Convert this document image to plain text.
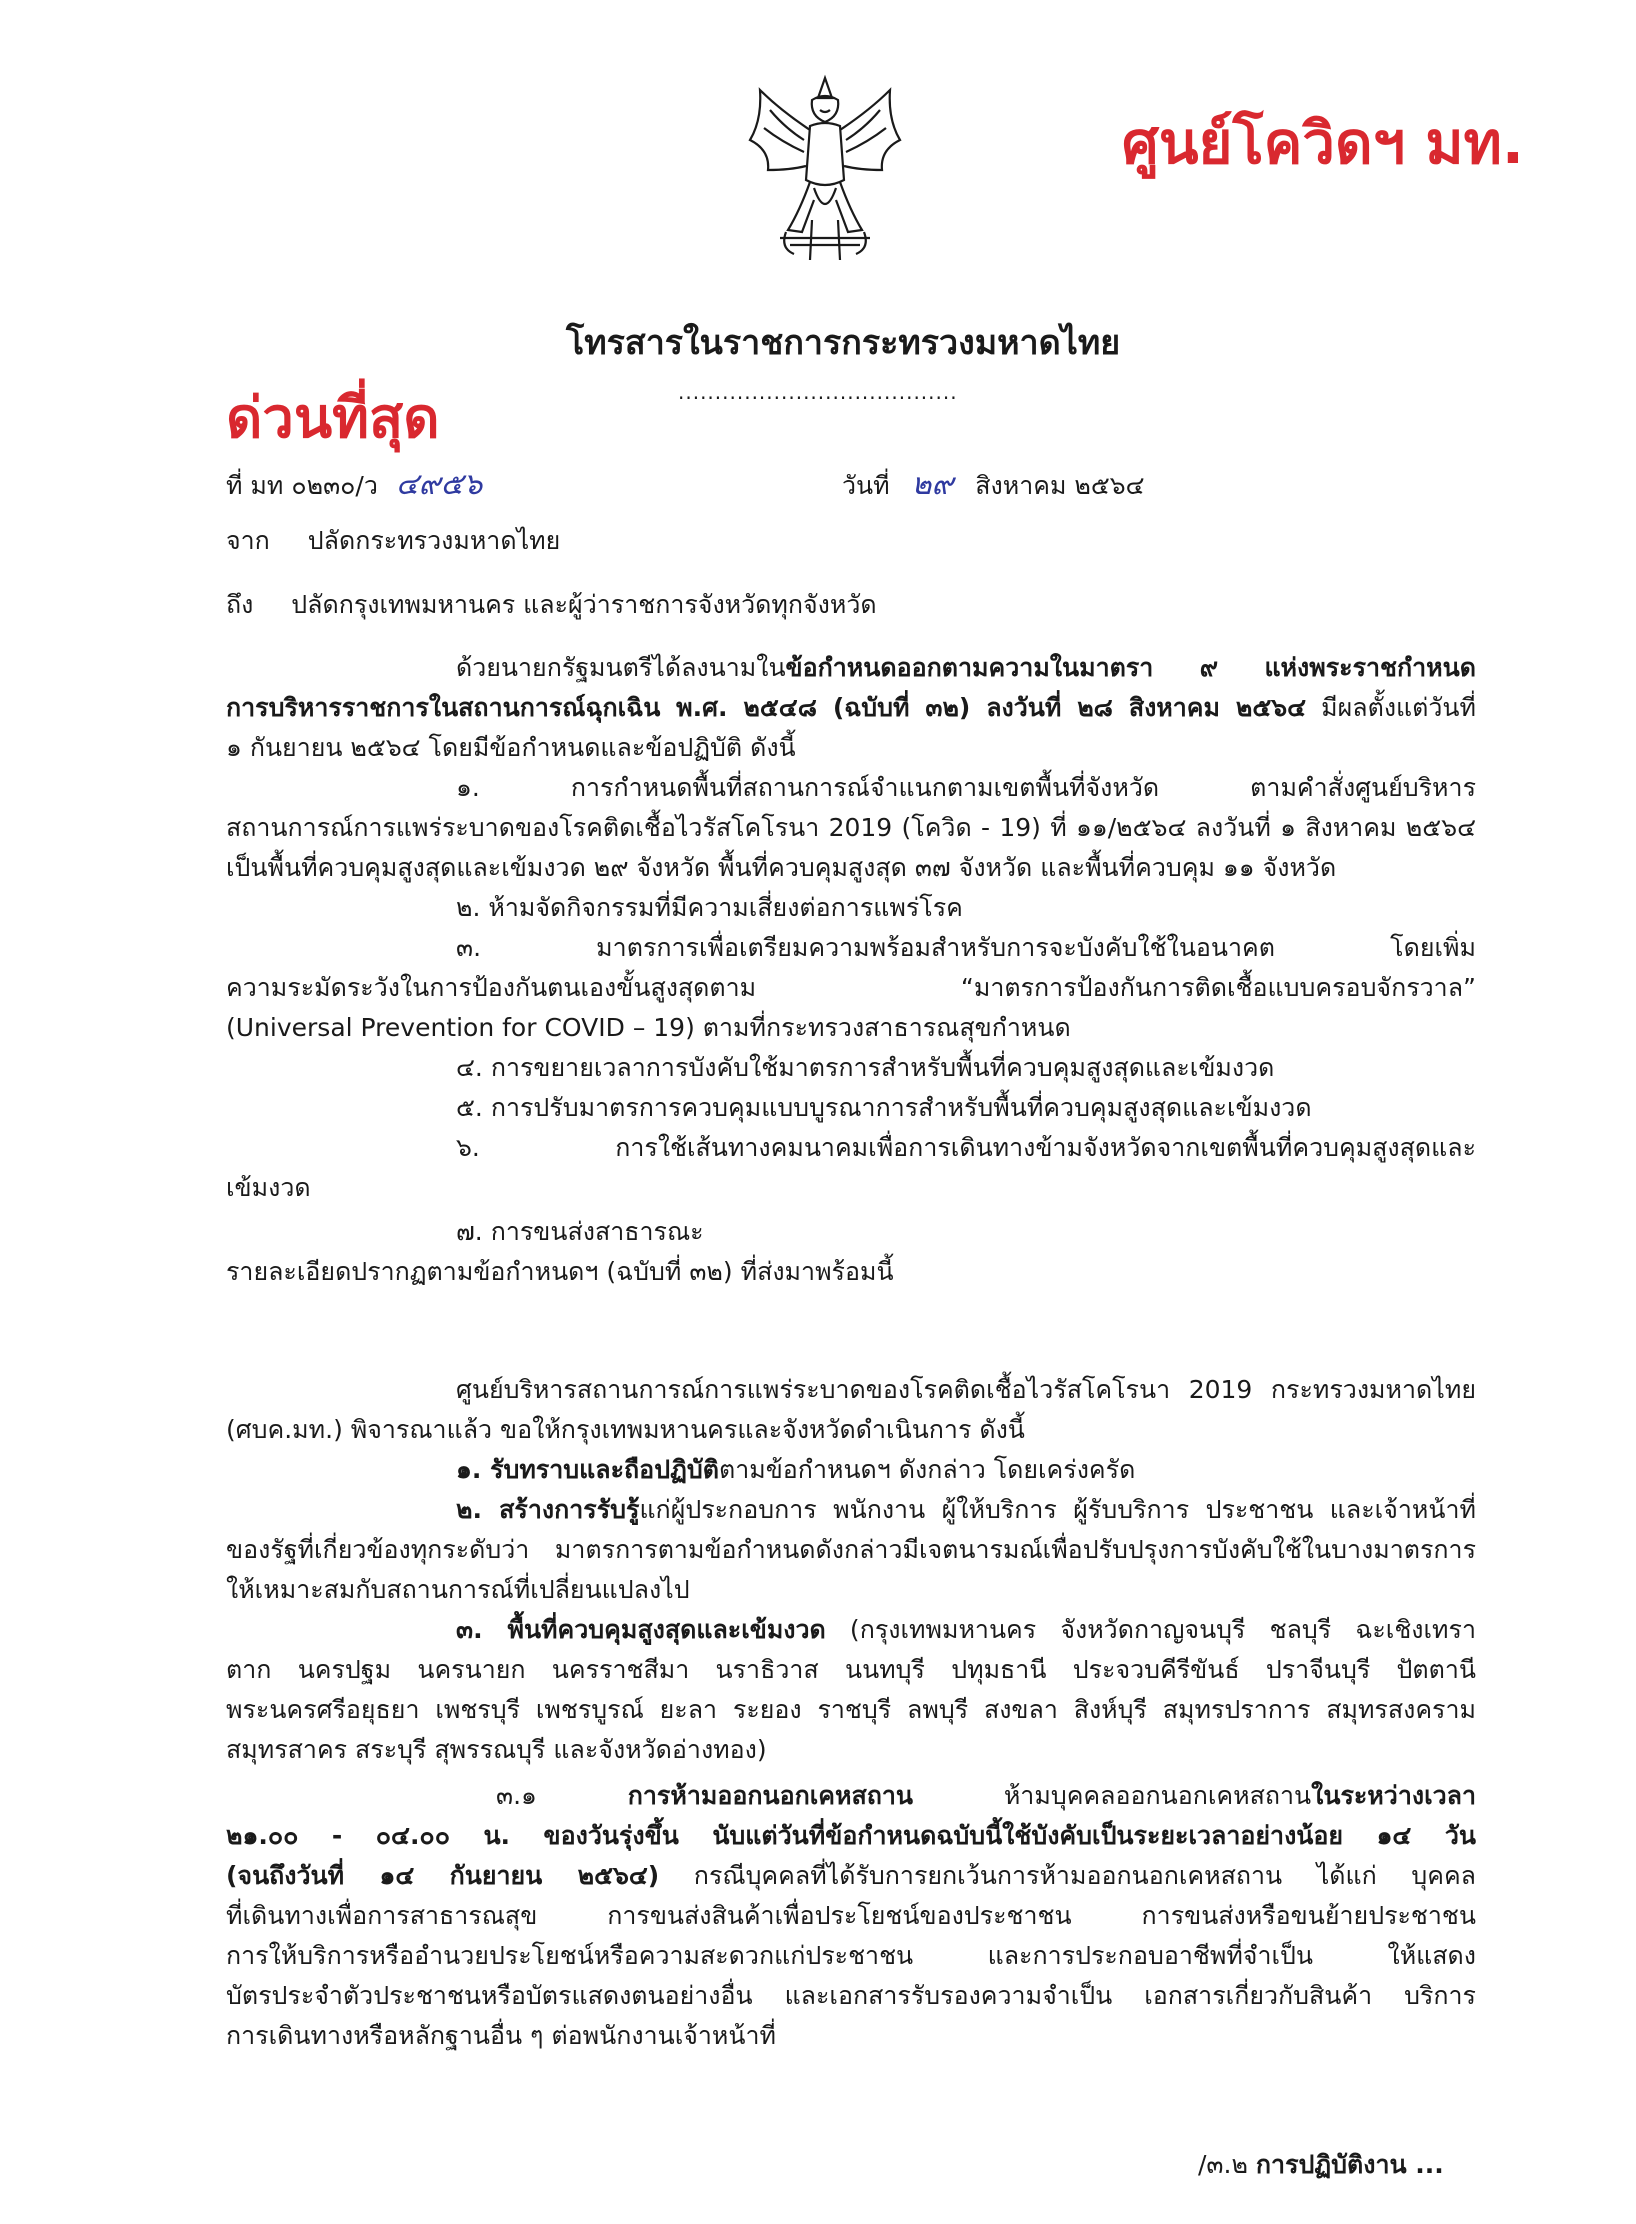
ศูนย์โควิดฯ มท.
โทรสารในราชการกระทรวงมหาดไทย
......................................
ด่วนที่สุด
ที่ มท ๐๒๓๐/ว ๔๙๕๖	วันที่ ๒๙ สิงหาคม ๒๕๖๔
จาก ปลัดกระทรวงมหาดไทย
ถึง ปลัดกรุงเทพมหานคร และผู้ว่าราชการจังหวัดทุกจังหวัด

ด้วยนายกรัฐมนตรีได้ลงนามในข้อกำหนดออกตามความในมาตรา ๙ แห่งพระราชกำหนด

การบริหารราชการในสถานการณ์ฉุกเฉิน พ.ศ. ๒๕๔๘ (ฉบับที่ ๓๒) ลงวันที่ ๒๘ สิงหาคม ๒๕๖๔ มีผลตั้งแต่วันที่

๑ กันยายน ๒๕๖๔ โดยมีข้อกำหนดและข้อปฏิบัติ ดังนี้

๑. การกำหนดพื้นที่สถานการณ์จำแนกตามเขตพื้นที่จังหวัด ตามคำสั่งศูนย์บริหาร

สถานการณ์การแพร่ระบาดของโรคติดเชื้อไวรัสโคโรนา 2019 (โควิด - 19) ที่ ๑๑/๒๕๖๔ ลงวันที่ ๑ สิงหาคม ๒๕๖๔

เป็นพื้นที่ควบคุมสูงสุดและเข้มงวด ๒๙ จังหวัด พื้นที่ควบคุมสูงสุด ๓๗ จังหวัด และพื้นที่ควบคุม ๑๑ จังหวัด

๒. ห้ามจัดกิจกรรมที่มีความเสี่ยงต่อการแพร่โรค

๓. มาตรการเพื่อเตรียมความพร้อมสำหรับการจะบังคับใช้ในอนาคต โดยเพิ่ม

ความระมัดระวังในการป้องกันตนเองขั้นสูงสุดตาม “มาตรการป้องกันการติดเชื้อแบบครอบจักรวาล”

(Universal Prevention for COVID – 19) ตามที่กระทรวงสาธารณสุขกำหนด

๔. การขยายเวลาการบังคับใช้มาตรการสำหรับพื้นที่ควบคุมสูงสุดและเข้มงวด

๕. การปรับมาตรการควบคุมแบบบูรณาการสำหรับพื้นที่ควบคุมสูงสุดและเข้มงวด

๖. การใช้เส้นทางคมนาคมเพื่อการเดินทางข้ามจังหวัดจากเขตพื้นที่ควบคุมสูงสุดและ

เข้มงวด

๗. การขนส่งสาธารณะ

รายละเอียดปรากฏตามข้อกำหนดฯ (ฉบับที่ ๓๒) ที่ส่งมาพร้อมนี้

ศูนย์บริหารสถานการณ์การแพร่ระบาดของโรคติดเชื้อไวรัสโคโรนา 2019 กระทรวงมหาดไทย

(ศบค.มท.) พิจารณาแล้ว ขอให้กรุงเทพมหานครและจังหวัดดำเนินการ ดังนี้

๑. รับทราบและถือปฏิบัติตามข้อกำหนดฯ ดังกล่าว โดยเคร่งครัด

๒. สร้างการรับรู้แก่ผู้ประกอบการ พนักงาน ผู้ให้บริการ ผู้รับบริการ ประชาชน และเจ้าหน้าที่

ของรัฐที่เกี่ยวข้องทุกระดับว่า มาตรการตามข้อกำหนดดังกล่าวมีเจตนารมณ์เพื่อปรับปรุงการบังคับใช้ในบางมาตรการ

ให้เหมาะสมกับสถานการณ์ที่เปลี่ยนแปลงไป

๓. พื้นที่ควบคุมสูงสุดและเข้มงวด (กรุงเทพมหานคร จังหวัดกาญจนบุรี ชลบุรี ฉะเชิงเทรา

ตาก นครปฐม นครนายก นครราชสีมา นราธิวาส นนทบุรี ปทุมธานี ประจวบคีรีขันธ์ ปราจีนบุรี ปัตตานี

พระนครศรีอยุธยา เพชรบุรี เพชรบูรณ์ ยะลา ระยอง ราชบุรี ลพบุรี สงขลา สิงห์บุรี สมุทรปราการ สมุทรสงคราม

สมุทรสาคร สระบุรี สุพรรณบุรี และจังหวัดอ่างทอง)

๓.๑ การห้ามออกนอกเคหสถาน ห้ามบุคคลออกนอกเคหสถานในระหว่างเวลา

๒๑.๐๐ - ๐๔.๐๐ น. ของวันรุ่งขึ้น นับแต่วันที่ข้อกำหนดฉบับนี้ใช้บังคับเป็นระยะเวลาอย่างน้อย ๑๔ วัน

(จนถึงวันที่ ๑๔ กันยายน ๒๕๖๔) กรณีบุคคลที่ได้รับการยกเว้นการห้ามออกนอกเคหสถาน ได้แก่ บุคคล

ที่เดินทางเพื่อการสาธารณสุข การขนส่งสินค้าเพื่อประโยชน์ของประชาชน การขนส่งหรือขนย้ายประชาชน

การให้บริการหรืออำนวยประโยชน์หรือความสะดวกแก่ประชาชน และการประกอบอาชีพที่จำเป็น ให้แสดง

บัตรประจำตัวประชาชนหรือบัตรแสดงตนอย่างอื่น และเอกสารรับรองความจำเป็น เอกสารเกี่ยวกับสินค้า บริการ

การเดินทางหรือหลักฐานอื่น ๆ ต่อพนักงานเจ้าหน้าที่

/๓.๒ การปฏิบัติงาน ...
